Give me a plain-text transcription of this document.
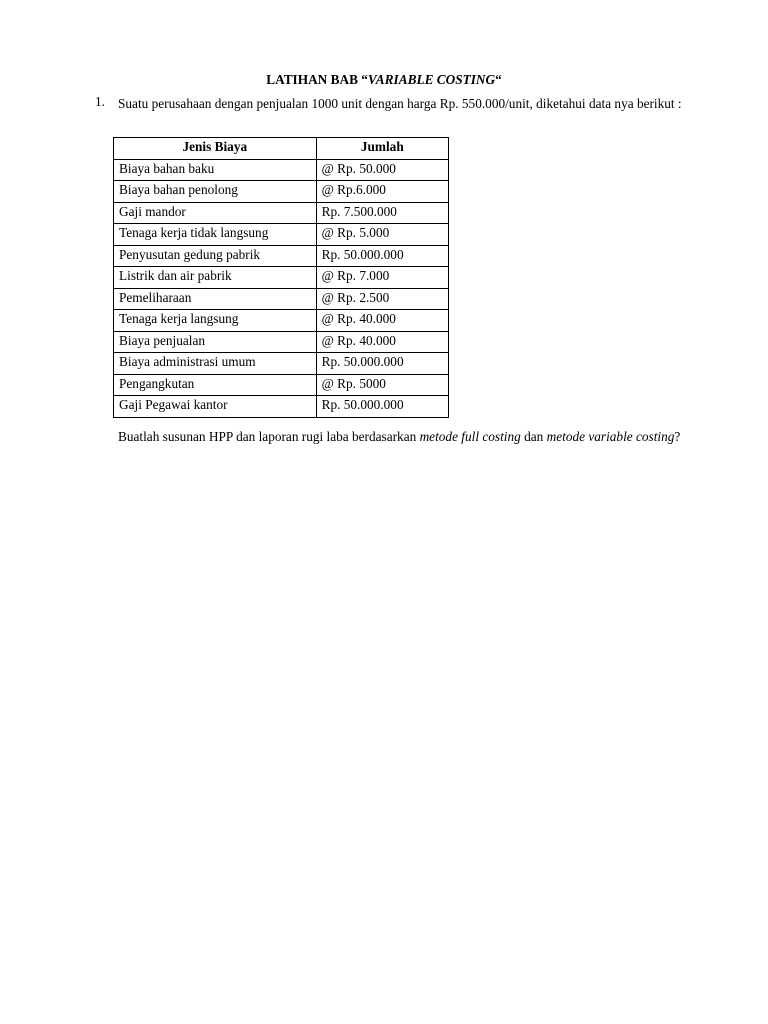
LATIHAN BAB “VARIABLE COSTING“
1. Suatu perusahaan dengan penjualan 1000 unit dengan harga Rp. 550.000/unit, diketahui data nya berikut :
Jenis Biaya	Jumlah
Biaya bahan baku	@ Rp. 50.000
Biaya bahan penolong	@ Rp.6.000
Gaji mandor	Rp. 7.500.000
Tenaga kerja tidak langsung	@ Rp. 5.000
Penyusutan gedung pabrik	Rp. 50.000.000
Listrik dan air pabrik	@ Rp. 7.000
Pemeliharaan	@ Rp. 2.500
Tenaga kerja langsung	@ Rp. 40.000
Biaya penjualan	@ Rp. 40.000
Biaya administrasi umum	Rp. 50.000.000
Pengangkutan	@ Rp. 5000
Gaji Pegawai kantor	Rp. 50.000.000
Buatlah susunan HPP dan laporan rugi laba berdasarkan metode full costing dan metode variable costing?
